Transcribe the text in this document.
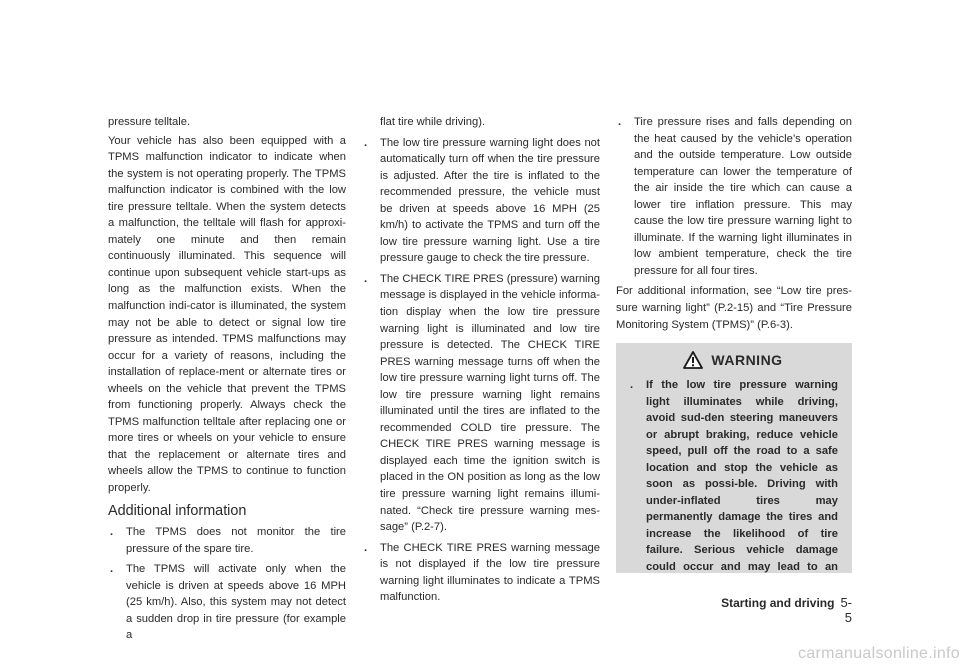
pressure telltale.

Your vehicle has also been equipped with a TPMS malfunction indicator to indicate when the system is not operating properly. The TPMS malfunction indicator is combined with the low tire pressure telltale. When the system detects a malfunction, the telltale will flash for approxi-mately one minute and then remain continuously illuminated. This sequence will continue upon subsequent vehicle start-ups as long as the malfunction exists. When the malfunction indi-cator is illuminated, the system may not be able to detect or signal low tire pressure as intended. TPMS malfunctions may occur for a variety of reasons, including the installation of replace-ment or alternate tires or wheels on the vehicle that prevent the TPMS from functioning properly. Always check the TPMS malfunction telltale after replacing one or more tires or wheels on your vehicle to ensure that the replacement or alternate tires and wheels allow the TPMS to continue to function properly.

Additional information
.	The TPMS does not monitor the tire pressure of the spare tire.
.	The TPMS will activate only when the vehicle is driven at speeds above 16 MPH (25 km/h). Also, this system may not detect a sudden drop in tire pressure (for example a

flat tire while driving).

.	The low tire pressure warning light does not automatically turn off when the tire pressure is adjusted. After the tire is inflated to the recommended pressure, the vehicle must be driven at speeds above 16 MPH (25 km/h) to activate the TPMS and turn off the low tire pressure warning light. Use a tire pressure gauge to check the tire pressure.
.	The CHECK TIRE PRES (pressure) warning message is displayed in the vehicle informa-tion display when the low tire pressure warning light is illuminated and low tire pressure is detected. The CHECK TIRE PRES warning message turns off when the low tire pressure warning light turns off. The low tire pressure warning light remains illuminated until the tires are inflated to the recommended COLD tire pressure. The CHECK TIRE PRES warning message is displayed each time the ignition switch is placed in the ON position as long as the low tire pressure warning light remains illumi-nated. “Check tire pressure warning mes-sage” (P.2-7).
.	The CHECK TIRE PRES warning message is not displayed if the low tire pressure warning light illuminates to indicate a TPMS malfunction.
.	Tire pressure rises and falls depending on the heat caused by the vehicle’s operation and the outside temperature. Low outside temperature can lower the temperature of the air inside the tire which can cause a lower tire inflation pressure. This may cause the low tire pressure warning light to illuminate. If the warning light illuminates in low ambient temperature, check the tire pressure for all four tires.

For additional information, see “Low tire pres-sure warning light” (P.2-15) and “Tire Pressure Monitoring System (TPMS)” (P.6-3).

WARNING
.	If the low tire pressure warning light illuminates while driving, avoid sud-den steering maneuvers or abrupt braking, reduce vehicle speed, pull off the road to a safe location and stop the vehicle as soon as possi-ble. Driving with under-inflated tires may permanently damage the tires and increase the likelihood of tire failure. Serious vehicle damage could occur and may lead to an
Starting and driving 5-5
carmanualsonline.info
